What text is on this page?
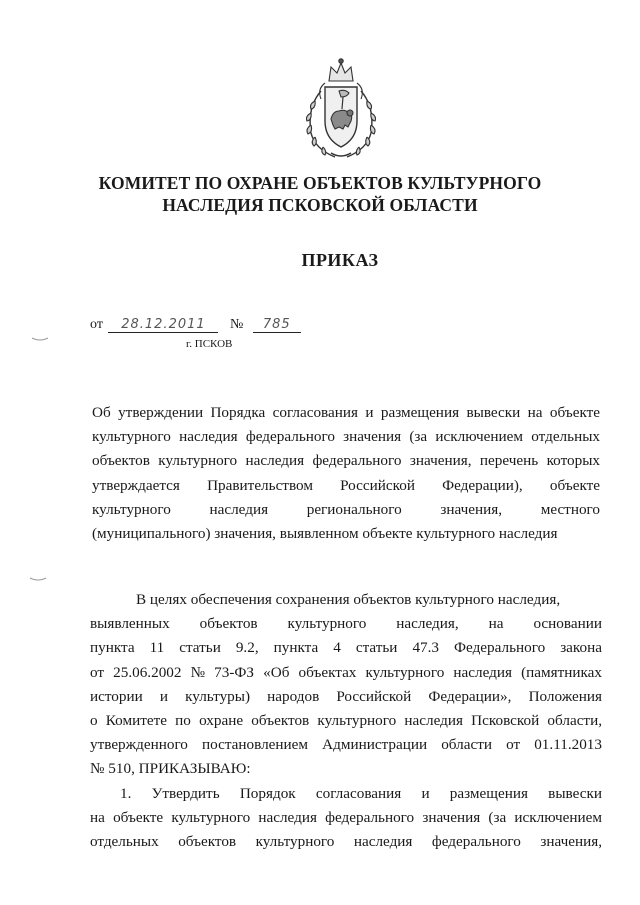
КОМИТЕТ ПО ОХРАНЕ ОБЪЕКТОВ КУЛЬТУРНОГО
НАСЛЕДИЯ ПСКОВСКОЙ ОБЛАСТИ
ПРИКАЗ
от 28.12.2011 № 785
г. ПСКОВ
Об утверждении Порядка согласования и размещения вывески на объекте
культурного наследия федерального значения (за исключением отдельных
объектов культурного наследия федерального значения, перечень которых
утверждается Правительством Российской Федерации), объекте
культурного наследия регионального значения, местного
(муниципального) значения, выявленном объекте культурного наследия
В целях обеспечения сохранения объектов культурного наследия,
выявленных объектов культурного наследия, на основании
пункта 11 статьи 9.2, пункта 4 статьи 47.3 Федерального закона
от 25.06.2002 № 73-ФЗ «Об объектах культурного наследия (памятниках
истории и культуры) народов Российской Федерации», Положения
о Комитете по охране объектов культурного наследия Псковской области,
утвержденного постановлением Администрации области от 01.11.2013
№ 510, ПРИКАЗЫВАЮ:
1. Утвердить Порядок согласования и размещения вывески
на объекте культурного наследия федерального значения (за исключением
отдельных объектов культурного наследия федерального значения,
